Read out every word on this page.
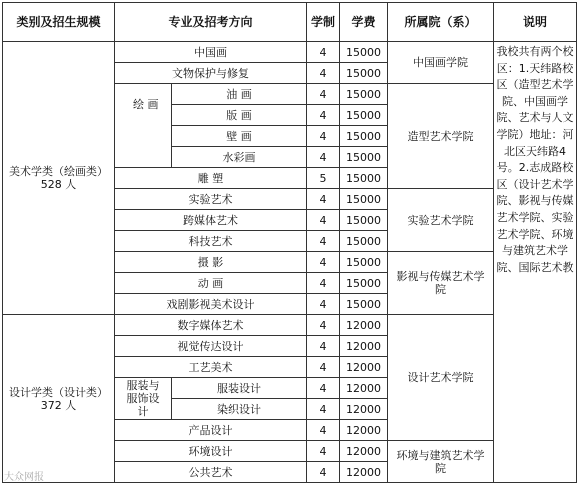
类别及招生规模	专业及招考方向		学制	学费	所属院（系）	说明
美术学类（绘画类）528 人	中国画		4	15000	中国画学院	我校共有两个校区：1.天纬路校区（造型艺术学院、中国画学院、艺术与人文学院）地址：河北区天纬路4号。2.志成路校区（设计艺术学院、影视与传媒艺术学院、实验艺术学院、环境与建筑艺术学院、国际艺术教
	文物保护与修复		4	15000		
	绘 画	油 画	4	15000	造型艺术学院	
		版 画	4	15000		
		壁 画	4	15000		
		水彩画	4	15000		
	雕 塑		5	15000		
	实验艺术		4	15000	实验艺术学院	
	跨媒体艺术		4	15000		
	科技艺术		4	15000		
	摄 影		4	15000	影视与传媒艺术学院	
	动 画		4	15000		
	戏剧影视美术设计		4	15000		
设计学类（设计类）372 人	数字媒体艺术		4	12000	设计艺术学院	
	视觉传达设计		4	12000		
	工艺美术		4	12000		
	服装与服饰设计	服装设计	4	12000		
		染织设计	4	12000		
	产品设计		4	12000		
	环境设计		4	12000	环境与建筑艺术学院	
	公共艺术		4	12000		
大众网报
